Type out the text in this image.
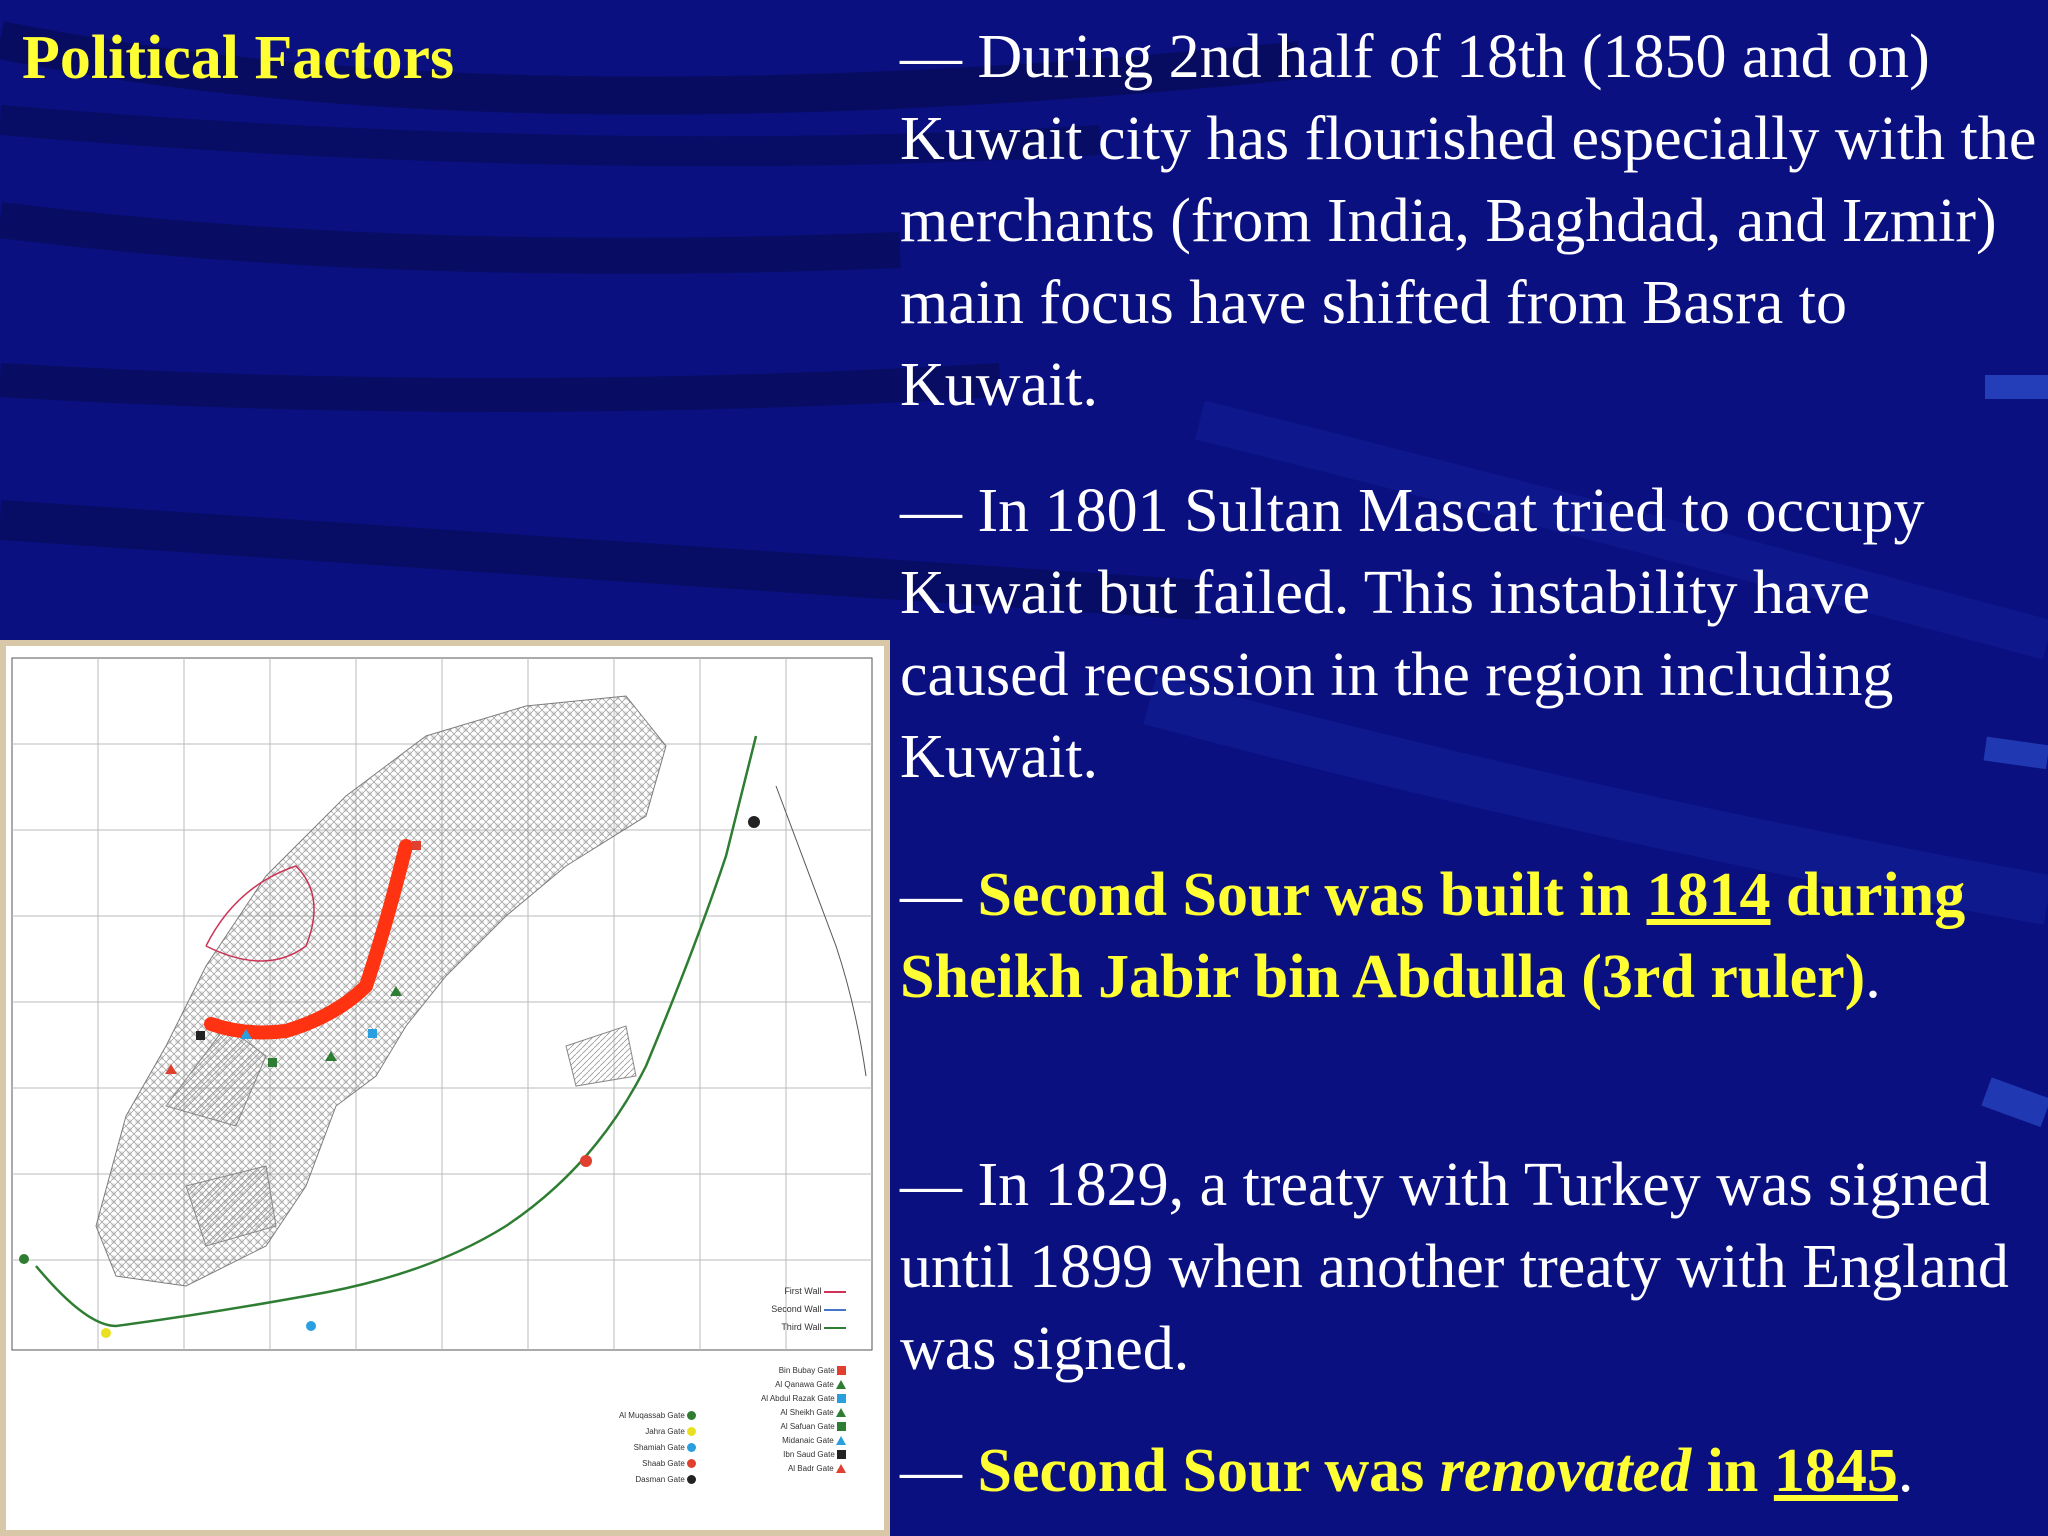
Political Factors	— During 2nd half of 18th (1850 and on) Kuwait city has flourished especially with the merchants (from India, Baghdad, and Izmir) main focus have shifted from Basra to Kuwait.

— In 1801 Sultan Mascat tried to occupy Kuwait but failed. This instability have caused recession in the region including Kuwait.

— Second Sour was built in 1814 during Sheikh Jabir bin Abdulla (3rd ruler).

— In 1829, a treaty with Turkey was signed until 1899 when another treaty with England was signed.

— Second Sour was renovated in 1845.

First Wall
Second Wall
Third Wall
Al Muqassab Gate
Jahra Gate
Shamiah Gate
Shaab Gate
Dasman Gate
Bin Bubay Gate
Al Qanawa Gate
Al Abdul Razak Gate
Al Sheikh Gate
Al Safuan Gate
Midanaic Gate
Ibn Saud Gate
Al Badr Gate
